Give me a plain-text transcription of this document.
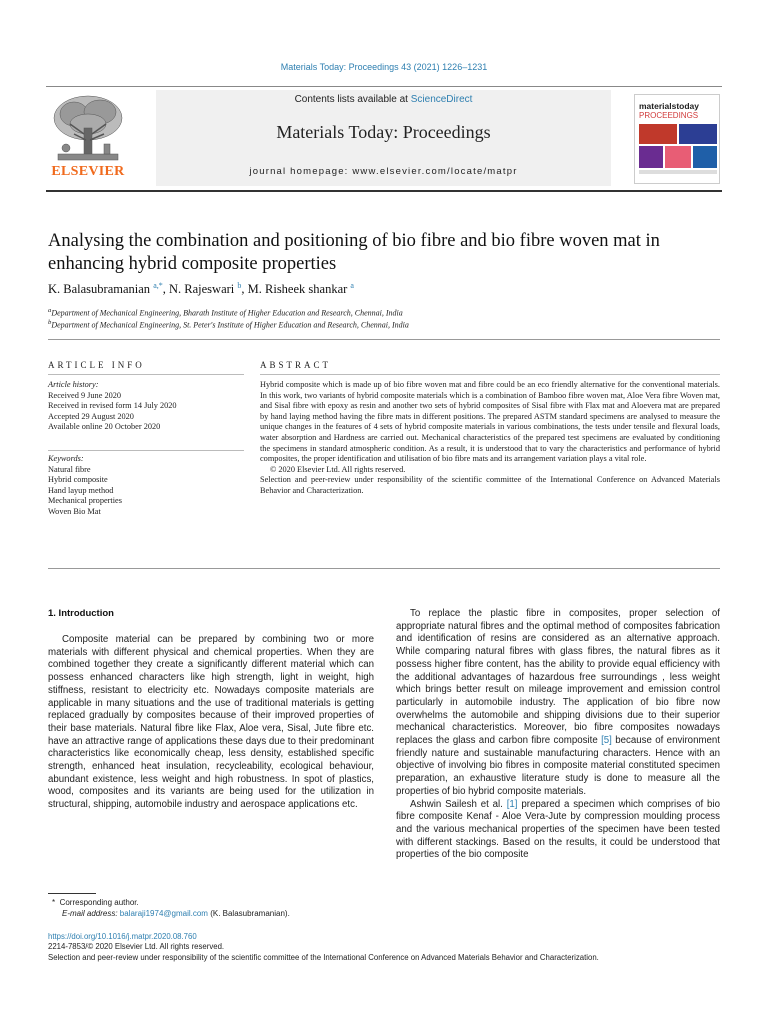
Materials Today: Proceedings 43 (2021) 1226–1231
ELSEVIER
Contents lists available at ScienceDirect
Materials Today: Proceedings
journal homepage: www.elsevier.com/locate/matpr
materialstoday
PROCEEDINGS
Analysing the combination and positioning of bio fibre and bio fibre woven mat in enhancing hybrid composite properties
K. Balasubramanian $^{a,*}$, N. Rajeswari $^b$, M. Risheek shankar $^a$
$^a$Department of Mechanical Engineering, Bharath Institute of Higher Education and Research, Chennai, India
$^b$Department of Mechanical Engineering, St. Peter's Institute of Higher Education and Research, Chennai, India
ARTICLE INFO	ABSTRACT
Article history:
Received 9 June 2020
Received in revised form 14 July 2020
Accepted 29 August 2020
Available online 20 October 2020
Keywords:
Natural fibre
Hybrid composite
Hand layup method
Mechanical properties
Woven Bio Mat
Hybrid composite which is made up of bio fibre woven mat and fibre could be an eco friendly alternative for the conventional materials. In this work, two variants of hybrid composite materials which is a combination of Bamboo fibre woven mat, Aloe Vera fibre Woven mat, and Sisal fibre with epoxy as resin and another two sets of hybrid composites of Sisal fibre with Flax mat and Aloevera mat are prepared by hand laying method having the fibre mats in different positions. The prepared ASTM standard specimens are analysed to measure the unique changes in the features of 4 sets of hybrid composite materials in various combinations, the tests under tensile and flexural loads, water absorption and Hardness are carried out. Mechanical characteristics of the prepared test specimens are evaluated by conditioning the specimens in standard atmospheric condition. As a result, it is understood that to vary the characteristics and performance of hybrid composites, the proper identification and utilisation of bio fibre mats and its arrangement variation plays a vital role.
© 2020 Elsevier Ltd. All rights reserved.
Selection and peer-review under responsibility of the scientific committee of the International Conference on Advanced Materials Behavior and Characterization.
1. Introduction

Composite material can be prepared by combining two or more materials with different physical and chemical properties. When they are combined together they create a significantly different material which can possess enhanced characters like high strength, light in weight, high stiffness, resistant to electricity etc. Nowadays composite materials are applicable in many situations and the use of traditional materials is getting replaced gradually by composites because of their improved properties of their base materials. Natural fibre like Flax, Aloe vera, Sisal, Jute fibre etc. have an attractive range of applications these days due to their predominant characteristics like economically cheap, less density, established specific strength, enhanced heat insulation, recycleability, ecological behaviour, abundant existence, less weight and high robustness. In spot of plastics, wood, composites and its variants are being used for the utilization in structural, shipping, automobile industry and aerospace applications etc.

To replace the plastic fibre in composites, proper selection of appropriate natural fibres and the optimal method of composites fabrication and identification of resins are considered as an alternative approach. While comparing natural fibres with glass fibres, the natural fibres as it possess higher fibre content, has the ability to provide equal efficiency with the additional advantages of hazardous free surroundings , less weight which brings better result on mileage improvement and emission control particularly in automobile industry. The application of bio fibre now overwhelms the automobile and shipping divisions due to their superior mechanical characteristics. Moreover, bio fibre composites nowadays replaces the glass and carbon fibre composite [5] because of environment friendly nature and sustainable manufacturing characters. Hence with an objective of involving bio fibres in composite material constituted specimen preparation, an exhaustive literature study is done to measure all the properties of bio hybrid composite materials.

Ashwin Sailesh et al. [1] prepared a specimen which comprises of bio fibre composite Kenaf - Aloe Vera-Jute by compression moulding process and the various mechanical properties of the specimen have been tested with different stackings. Based on the results, it could be understood that properties of the bio composite

* Corresponding author.
E-mail address: balaraji1974@gmail.com (K. Balasubramanian).
https://doi.org/10.1016/j.matpr.2020.08.760
2214-7853/© 2020 Elsevier Ltd. All rights reserved.
Selection and peer-review under responsibility of the scientific committee of the International Conference on Advanced Materials Behavior and Characterization.
